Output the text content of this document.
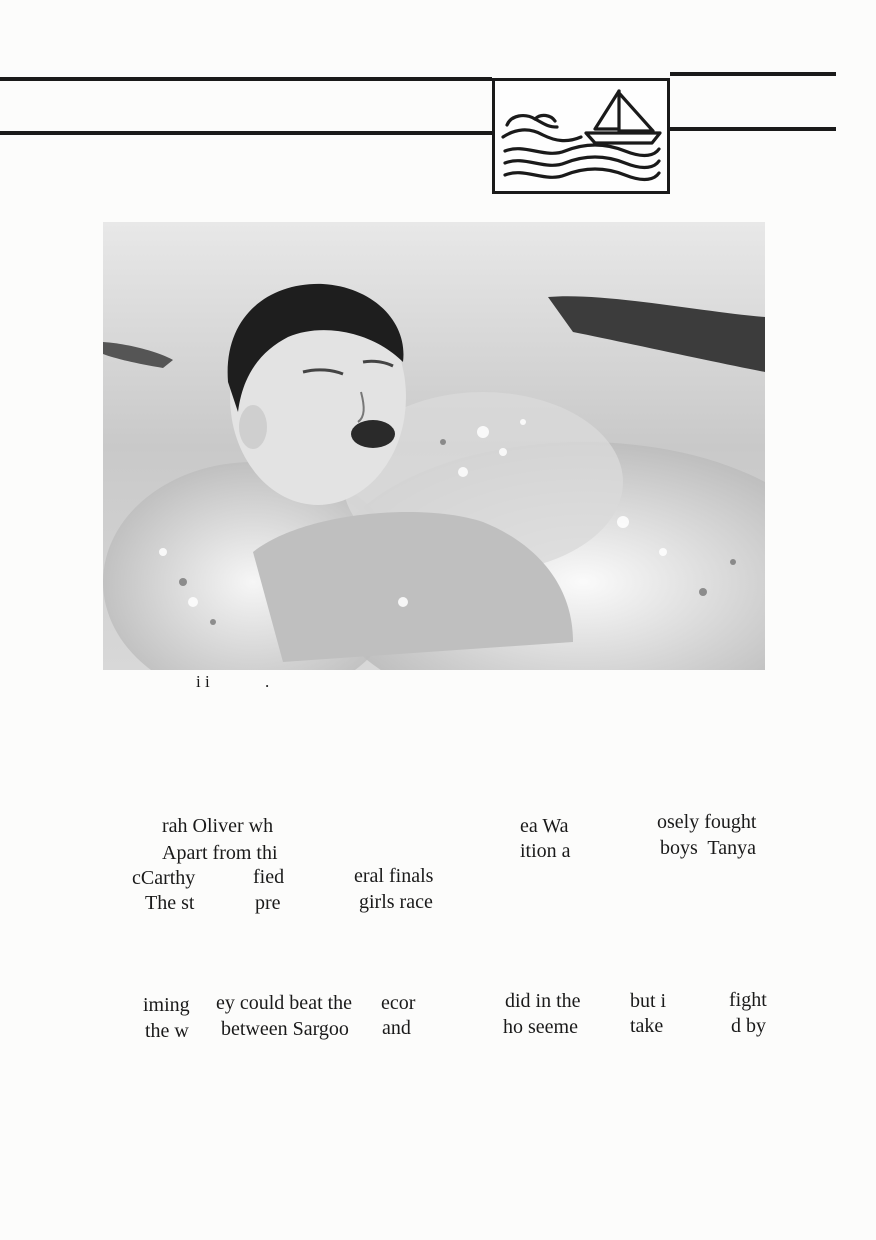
i i             .
rah Oliver wh	ea Wa	osely fought
Apart from thi	ition a	boys  Tanya
cCarthy	fied	eral finals
The st	pre	girls race
iming ey could beat the ecor	did in the but i	fight
the w between Sargoo and	ho seeme	take	d by
